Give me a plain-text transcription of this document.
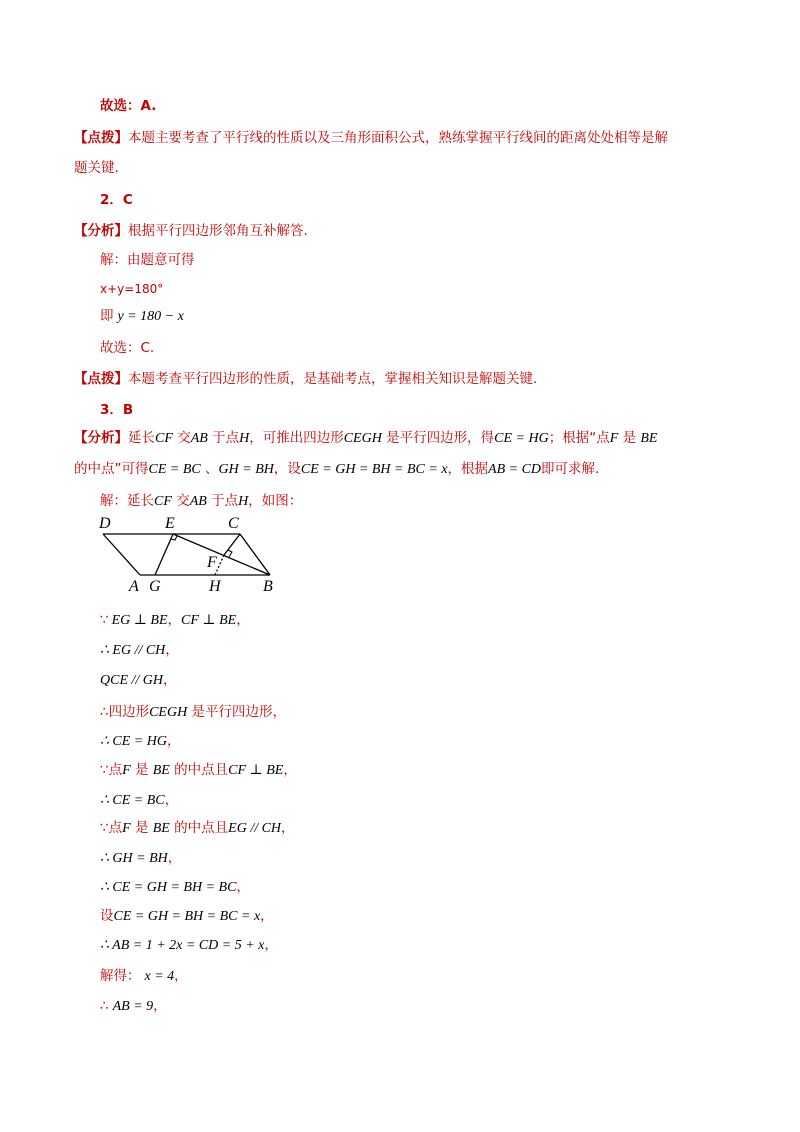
故选：A.
【点拨】本题主要考查了平行线的性质以及三角形面积公式，熟练掌握平行线间的距离处处相等是解
题关键.
2．C
【分析】根据平行四边形邻角互补解答.
解：由题意可得
x+y=180°
即 y = 180 − x
故选：C.
【点拨】本题考查平行四边形的性质，是基础考点，掌握相关知识是解题关键.
3．B
【分析】延长CF 交AB 于点H，可推出四边形CEGH 是平行四边形，得CE = HG；根据“点F 是 BE
的中点”可得CE = BC 、GH = BH，设CE = GH = BH = BC = x，根据AB = CD即可求解.
解：延长CF 交AB 于点H，如图：
D	E	C
F
A G	H	B
∵ EG ⊥ BE，CF ⊥ BE，
∴ EG // CH，
QCE // GH，
∴四边形CEGH 是平行四边形，
∴ CE = HG，
∵点F 是 BE 的中点且CF ⊥ BE，
∴ CE = BC，
∵点F 是 BE 的中点且EG // CH，
∴ GH = BH，
∴ CE = GH = BH = BC，
设CE = GH = BH = BC = x，
∴ AB = 1 + 2x = CD = 5 + x，
解得： x = 4，
∴ AB = 9，
